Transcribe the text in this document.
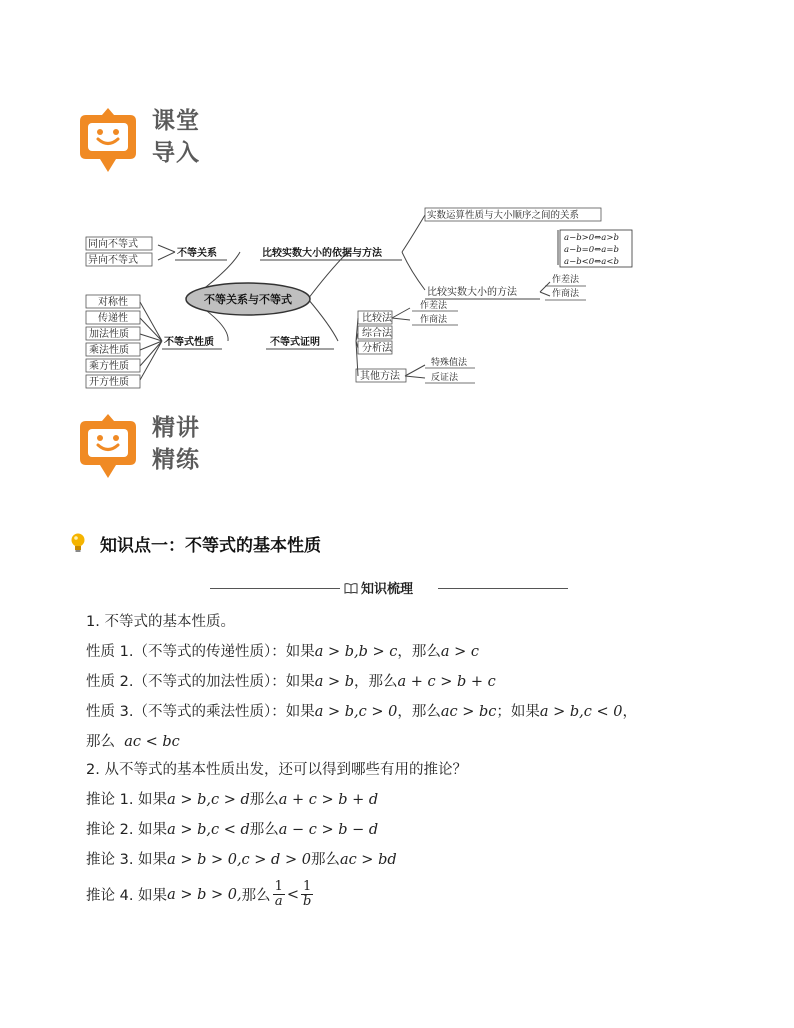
课堂
导入
不等关系与不等式
不等关系
同向不等式
异向不等式
不等式性质
对称性
传递性
加法性质
乘法性质
乘方性质
开方性质
比较实数大小的依据与方法
实数运算性质与大小顺序之间的关系
a−b>0⇔a>b
a−b=0⇔a=b
a−b<0⇔a<b
比较实数大小的方法
作差法
作商法
不等式证明
比较法
综合法
分析法
其他方法
作差法
作商法
特殊值法
反证法
精讲
精练
知识点一：不等式的基本性质
知识梳理
1. 不等式的基本性质。
性质 1.（不等式的传递性质）：如果a > b,b > c，那么a > c
性质 2.（不等式的加法性质）：如果a > b，那么a + c > b + c
性质 3.（不等式的乘法性质）：如果a > b,c > 0，那么ac > bc；如果a > b,c < 0，
那么 ac < bc
2. 从不等式的基本性质出发，还可以得到哪些有用的推论？
推论 1. 如果a > b,c > d那么a + c > b + d
推论 2. 如果a > b,c < d那么a − c > b − d
推论 3. 如果a > b > 0,c > d > 0那么ac > bd
推论 4. 如果 a > b > 0, 那么 $\frac{1}{a} < \frac{1}{b}$
